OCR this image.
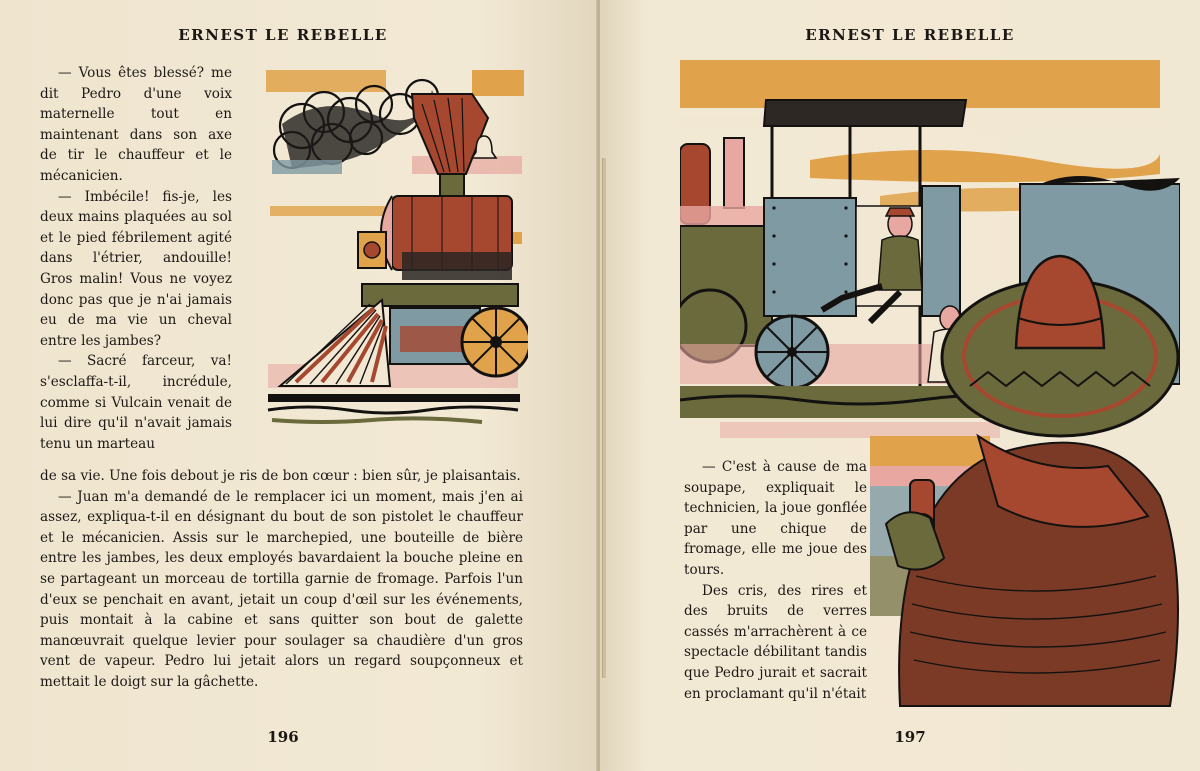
ERNEST LE REBELLE

— Vous êtes blessé? me dit Pedro d'une voix maternelle tout en maintenant dans son axe de tir le chauffeur et le mécanicien.

— Imbécile! fis-je, les deux mains plaquées au sol et le pied fébrilement agité dans l'étrier, andouille! Gros malin! Vous ne voyez donc pas que je n'ai jamais eu de ma vie un cheval entre les jambes?

— Sacré farceur, va! s'esclaffa-t-il, incrédule, comme si Vulcain venait de lui dire qu'il n'avait jamais tenu un marteau

de sa vie. Une fois debout je ris de bon cœur : bien sûr, je plaisantais.

— Juan m'a demandé de le remplacer ici un moment, mais j'en ai assez, expliqua-t-il en désignant du bout de son pistolet le chauffeur et le mécanicien. Assis sur le marchepied, une bouteille de bière entre les jambes, les deux employés bavardaient la bouche pleine en se partageant un morceau de tortilla garnie de fromage. Parfois l'un d'eux se penchait en avant, jetait un coup d'œil sur les événements, puis montait à la cabine et sans quitter son bout de galette manœuvrait quelque levier pour soulager sa chaudière d'un gros vent de vapeur. Pedro lui jetait alors un regard soupçonneux et mettait le doigt sur la gâchette.

196
ERNEST LE REBELLE

— C'est à cause de ma soupape, expliquait le technicien, la joue gonflée par une chique de fromage, elle me joue des tours.

Des cris, des rires et des bruits de verres cassés m'arrachèrent à ce spectacle débilitant tandis que Pedro jurait et sacrait en proclamant qu'il n'était

197
